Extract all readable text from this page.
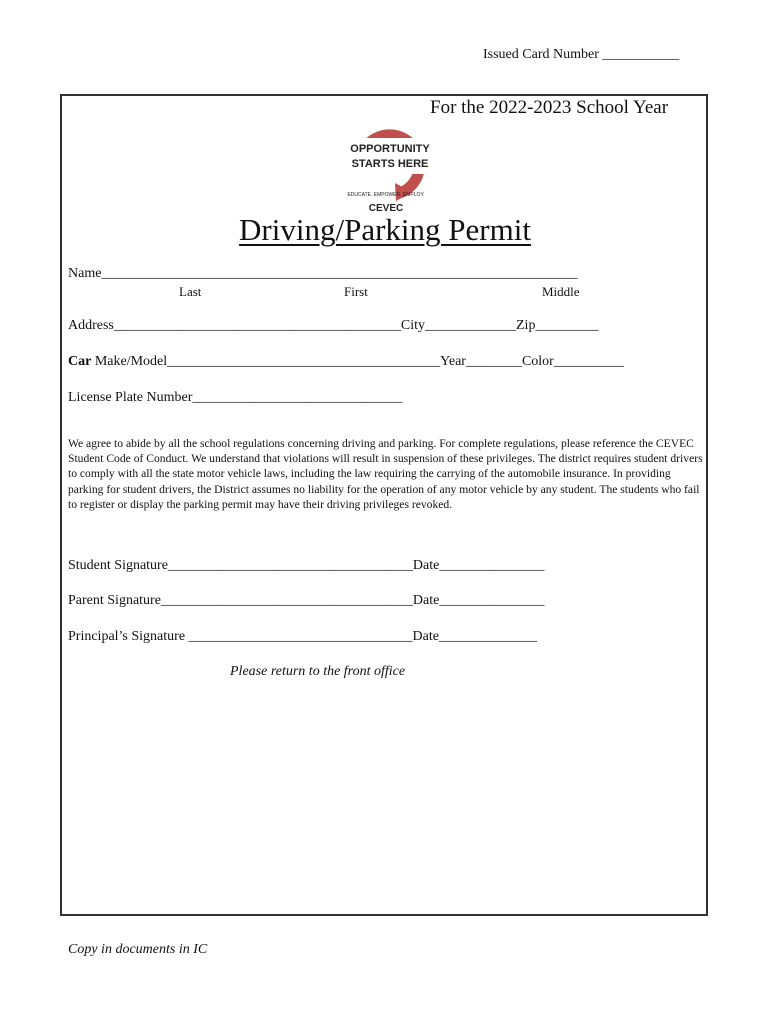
Issued Card Number ___________
For the 2022-2023 School Year
OPPORTUNITY
STARTS HERE
EDUCATE. EMPOWER. EMPLOY.
CEVEC
Driving/Parking Permit
Name____________________________________________________________________
Last	First	Middle
Address_________________________________________City_____________Zip_________
Car Make/Model_______________________________________Year________Color__________
License Plate Number______________________________
We agree to abide by all the school regulations concerning driving and parking. For complete regulations, please reference the CEVEC Student Code of Conduct. We understand that violations will result in suspension of these privileges. The district requires student drivers to comply with all the state motor vehicle laws, including the law requiring the carrying of the automobile insurance. In providing parking for student drivers, the District assumes no liability for the operation of any motor vehicle by any student. The students who fail to register or display the parking permit may have their driving privileges revoked.
Student Signature___________________________________Date_______________
Parent Signature____________________________________Date_______________
Principal’s Signature ________________________________Date______________
Please return to the front office
Copy in documents in IC
